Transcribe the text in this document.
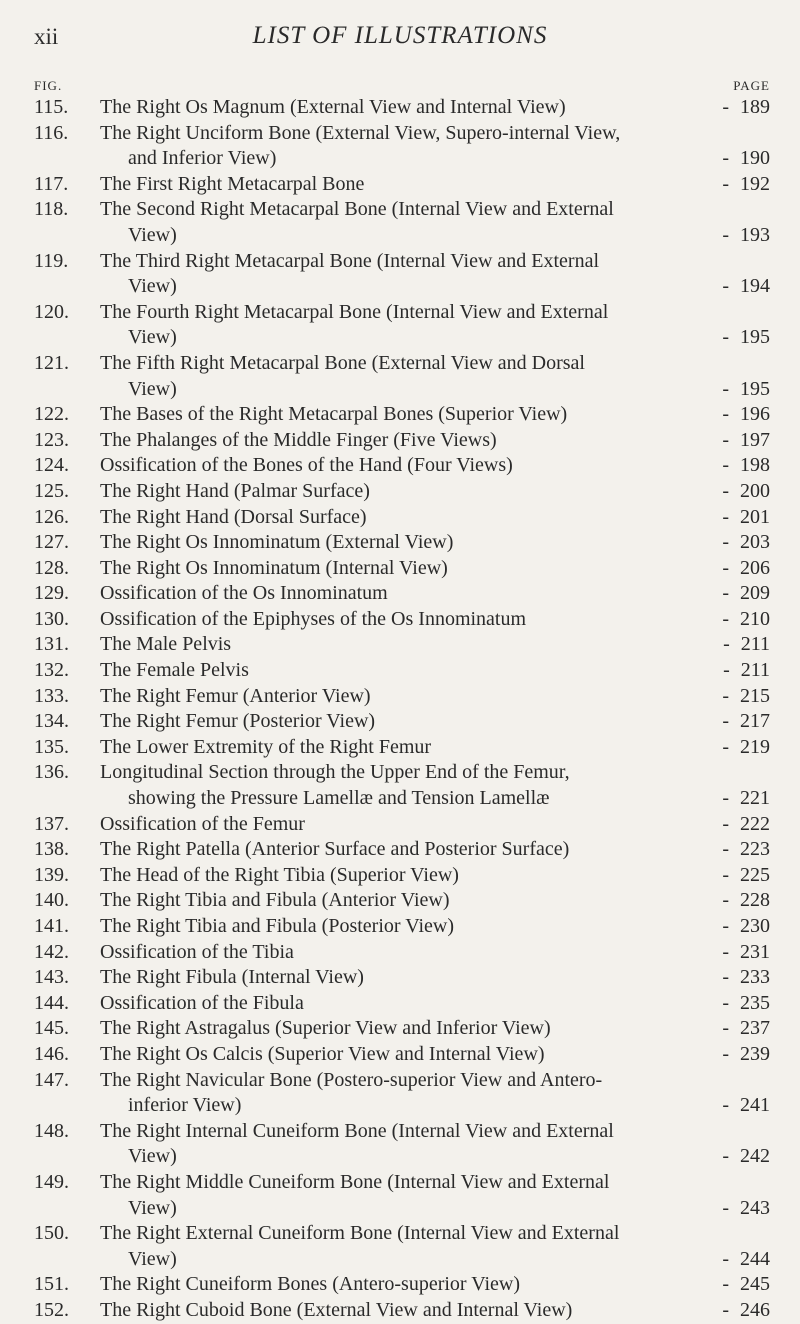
xii	LIST OF ILLUSTRATIONS
FIG.	PAGE
115. The Right Os Magnum (External View and Internal View)	- 189
116. The Right Unciform Bone (External View, Supero-internal View,
and Inferior View)	- 190
117. The First Right Metacarpal Bone	- 192
118. The Second Right Metacarpal Bone (Internal View and External
View)	- 193
119. The Third Right Metacarpal Bone (Internal View and External
View)	- 194
120. The Fourth Right Metacarpal Bone (Internal View and External
View)	- 195
121. The Fifth Right Metacarpal Bone (External View and Dorsal
View)	- 195
122. The Bases of the Right Metacarpal Bones (Superior View)	- 196
123. The Phalanges of the Middle Finger (Five Views)	- 197
124. Ossification of the Bones of the Hand (Four Views)	- 198
125. The Right Hand (Palmar Surface)	- 200
126. The Right Hand (Dorsal Surface)	- 201
127. The Right Os Innominatum (External View)	- 203
128. The Right Os Innominatum (Internal View)	- 206
129. Ossification of the Os Innominatum	- 209
130. Ossification of the Epiphyses of the Os Innominatum	- 210
131. The Male Pelvis	- 211
132. The Female Pelvis	- 211
133. The Right Femur (Anterior View)	- 215
134. The Right Femur (Posterior View)	- 217
135. The Lower Extremity of the Right Femur	- 219
136. Longitudinal Section through the Upper End of the Femur,
showing the Pressure Lamellæ and Tension Lamellæ	- 221
137. Ossification of the Femur	- 222
138. The Right Patella (Anterior Surface and Posterior Surface)	- 223
139. The Head of the Right Tibia (Superior View)	- 225
140. The Right Tibia and Fibula (Anterior View)	- 228
141. The Right Tibia and Fibula (Posterior View)	- 230
142. Ossification of the Tibia	- 231
143. The Right Fibula (Internal View)	- 233
144. Ossification of the Fibula	- 235
145. The Right Astragalus (Superior View and Inferior View)	- 237
146. The Right Os Calcis (Superior View and Internal View)	- 239
147. The Right Navicular Bone (Postero-superior View and Antero-
inferior View)	- 241
148. The Right Internal Cuneiform Bone (Internal View and External
View)	- 242
149. The Right Middle Cuneiform Bone (Internal View and External
View)	- 243
150. The Right External Cuneiform Bone (Internal View and External
View)	- 244
151. The Right Cuneiform Bones (Antero-superior View)	- 245
152. The Right Cuboid Bone (External View and Internal View)	- 246
